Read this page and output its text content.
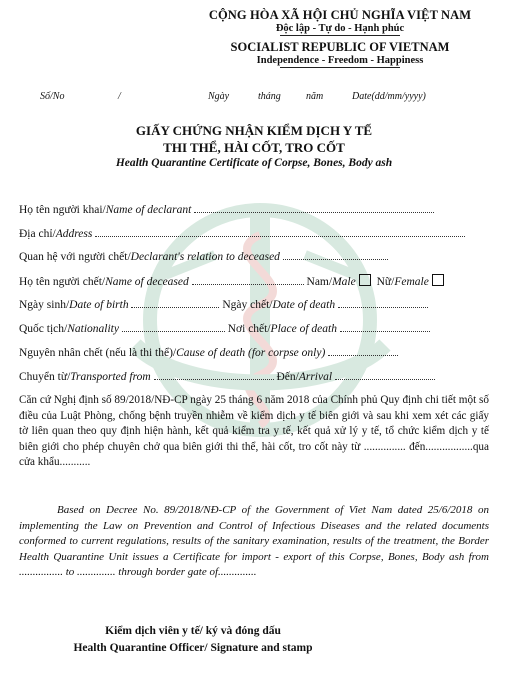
CỘNG HÒA XÃ HỘI CHỦ NGHĨA VIỆT NAM
Độc lập - Tự do - Hạnh phúc
SOCIALIST REPUBLIC OF VIETNAM
Independence - Freedom - Happiness
Số/No	/	Ngày	tháng	năm	Date(dd/mm/yyyy)
GIẤY CHỨNG NHẬN KIỂM DỊCH Y TẾ
THI THỂ, HÀI CỐT, TRO CỐT
Health Quarantine Certificate of Corpse, Bones, Body ash
Họ tên người khai/Name of declarant
Địa chỉ/Address
Quan hệ với người chết/Declarant's relation to deceased
Họ tên người chết/Name of deceased	Nam/Male Nữ/Female
Ngày sinh/Date of birth	Ngày chết/Date of death
Quốc tịch/Nationality	Nơi chết/Place of death
Nguyên nhân chết (nếu là thi thể)/Cause of death (for corpse only)
Chuyển từ/Transported from	Đến/Arrival
Căn cứ Nghị định số 89/2018/NĐ-CP ngày 25 tháng 6 năm 2018 của Chính phủ Quy định chi tiết một số điều của Luật Phòng, chống bệnh truyền nhiễm về kiểm dịch y tế biên giới và sau khi xem xét các giấy tờ liên quan theo quy định hiện hành, kết quả kiểm tra y tế, kết quả xử lý y tế, tổ chức kiểm dịch y tế biên giới cho phép chuyên chở qua biên giới thi thể, hài cốt, tro cốt này từ ............... đến.................qua cửa khẩu...........
Based on Decree No. 89/2018/NĐ-CP of the Government of Viet Nam dated 25/6/2018 on implementing the Law on Prevention and Control of Infectious Diseases and the related documents conformed to current regulations, results of the sanitary examination, results of the treatment, the Border Health Quarantine Unit issues a Certificate for import - export of this Corpse, Bones, Body ash from ................ to .............. through border gate of..............
Kiểm dịch viên y tế/ ký và đóng dấu
Health Quarantine Officer/ Signature and stamp
